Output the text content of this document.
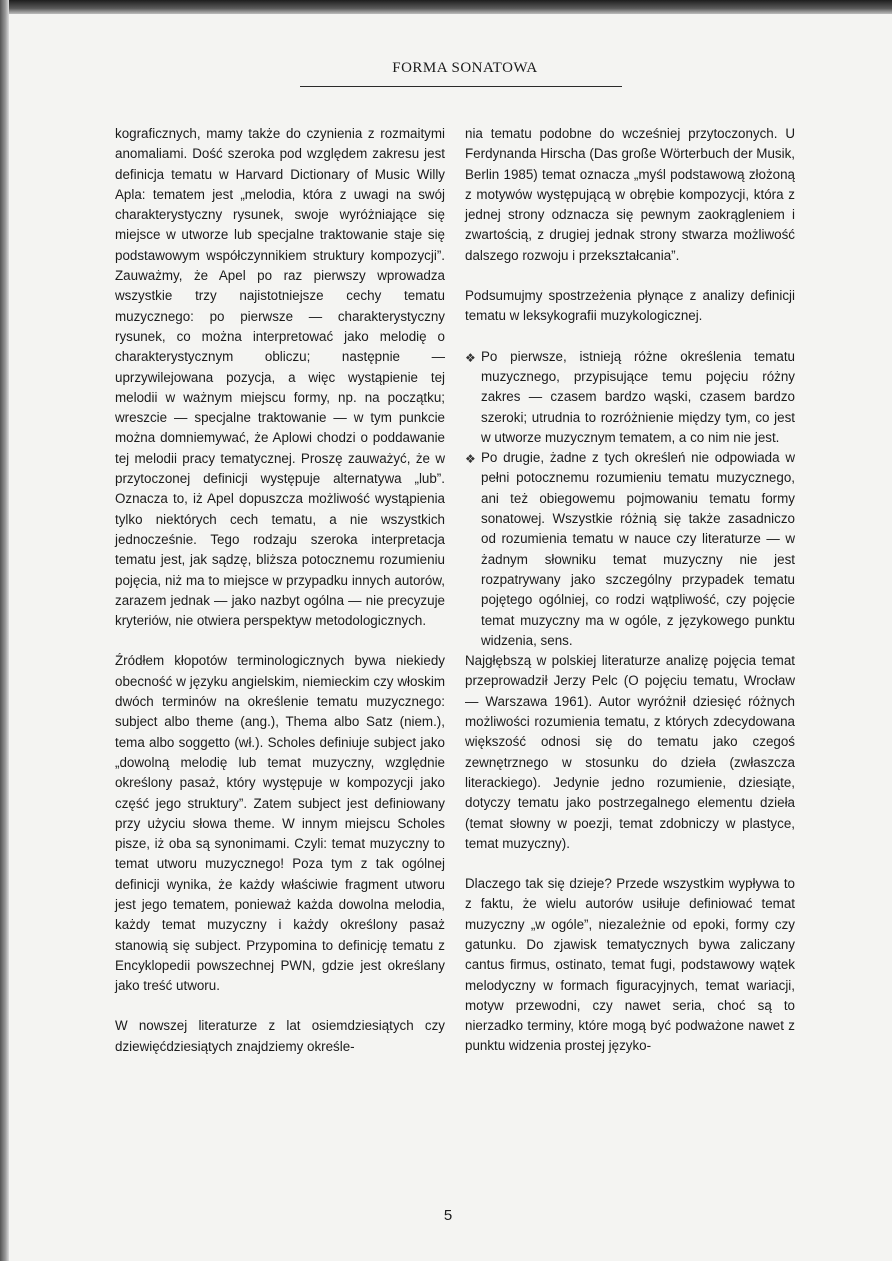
FORMA SONATOWA

kograficznych, mamy także do czynienia z rozmaitymi anomaliami. Dość szeroka pod względem zakresu jest definicja tematu w Harvard Dictionary of Music Willy Apla: tematem jest „melodia, która z uwagi na swój charakterystyczny rysunek, swoje wyróżniające się miejsce w utworze lub specjalne traktowanie staje się podstawowym współczynnikiem struktury kompozycji”. Zauważmy, że Apel po raz pierwszy wprowadza wszystkie trzy najistotniejsze cechy tematu muzycznego: po pierwsze — charakterystyczny rysunek, co można interpretować jako melodię o charakterystycznym obliczu; następnie — uprzywilejowana pozycja, a więc wystąpienie tej melodii w ważnym miejscu formy, np. na początku; wreszcie — specjalne traktowanie — w tym punkcie można domniemywać, że Aplowi chodzi o poddawanie tej melodii pracy tematycznej. Proszę zauważyć, że w przytoczonej definicji występuje alternatywa „lub”. Oznacza to, iż Apel dopuszcza możliwość wystąpienia tylko niektórych cech tematu, a nie wszystkich jednocześnie. Tego rodzaju szeroka interpretacja tematu jest, jak sądzę, bliższa potocznemu rozumieniu pojęcia, niż ma to miejsce w przypadku innych autorów, zarazem jednak — jako nazbyt ogólna — nie precyzuje kryteriów, nie otwiera perspektyw metodologicznych.

Źródłem kłopotów terminologicznych bywa niekiedy obecność w języku angielskim, niemieckim czy włoskim dwóch terminów na określenie tematu muzycznego: subject albo theme (ang.), Thema albo Satz (niem.), tema albo soggetto (wł.). Scholes definiuje subject jako „dowolną melodię lub temat muzyczny, względnie określony pasaż, który występuje w kompozycji jako część jego struktury”. Zatem subject jest definiowany przy użyciu słowa theme. W innym miejscu Scholes pisze, iż oba są synonimami. Czyli: temat muzyczny to temat utworu muzycznego! Poza tym z tak ogólnej definicji wynika, że każdy właściwie fragment utworu jest jego tematem, ponieważ każda dowolna melodia, każdy temat muzyczny i każdy określony pasaż stanowią się subject. Przypomina to definicję tematu z Encyklopedii powszechnej PWN, gdzie jest określany jako treść utworu.

W nowszej literaturze z lat osiemdziesiątych czy dziewięćdziesiątych znajdziemy określe-

nia tematu podobne do wcześniej przytoczonych. U Ferdynanda Hirscha (Das große Wörterbuch der Musik, Berlin 1985) temat oznacza „myśl podstawową złożoną z motywów występującą w obrębie kompozycji, która z jednej strony odznacza się pewnym zaokrągleniem i zwartością, z drugiej jednak strony stwarza możliwość dalszego rozwoju i przekształcania”.

Podsumujmy spostrzeżenia płynące z analizy definicji tematu w leksykografii muzykologicznej.

❖ Po pierwsze, istnieją różne określenia tematu muzycznego, przypisujące temu pojęciu różny zakres — czasem bardzo wąski, czasem bardzo szeroki; utrudnia to rozróżnienie między tym, co jest w utworze muzycznym tematem, a co nim nie jest.
❖ Po drugie, żadne z tych określeń nie odpowiada w pełni potocznemu rozumieniu tematu muzycznego, ani też obiegowemu pojmowaniu tematu formy sonatowej. Wszystkie różnią się także zasadniczo od rozumienia tematu w nauce czy literaturze — w żadnym słowniku temat muzyczny nie jest rozpatrywany jako szczególny przypadek tematu pojętego ogólniej, co rodzi wątpliwość, czy pojęcie temat muzyczny ma w ogóle, z językowego punktu widzenia, sens.

Najgłębszą w polskiej literaturze analizę pojęcia temat przeprowadził Jerzy Pelc (O pojęciu tematu, Wrocław — Warszawa 1961). Autor wyróżnił dziesięć różnych możliwości rozumienia tematu, z których zdecydowana większość odnosi się do tematu jako czegoś zewnętrznego w stosunku do dzieła (zwłaszcza literackiego). Jedynie jedno rozumienie, dziesiąte, dotyczy tematu jako postrzegalnego elementu dzieła (temat słowny w poezji, temat zdobniczy w plastyce, temat muzyczny).

Dlaczego tak się dzieje? Przede wszystkim wypływa to z faktu, że wielu autorów usiłuje definiować temat muzyczny „w ogóle”, niezależnie od epoki, formy czy gatunku. Do zjawisk tematycznych bywa zaliczany cantus firmus, ostinato, temat fugi, podstawowy wątek melodyczny w formach figuracyjnych, temat wariacji, motyw przewodni, czy nawet seria, choć są to nierzadko terminy, które mogą być podważone nawet z punktu widzenia prostej języko-

5
